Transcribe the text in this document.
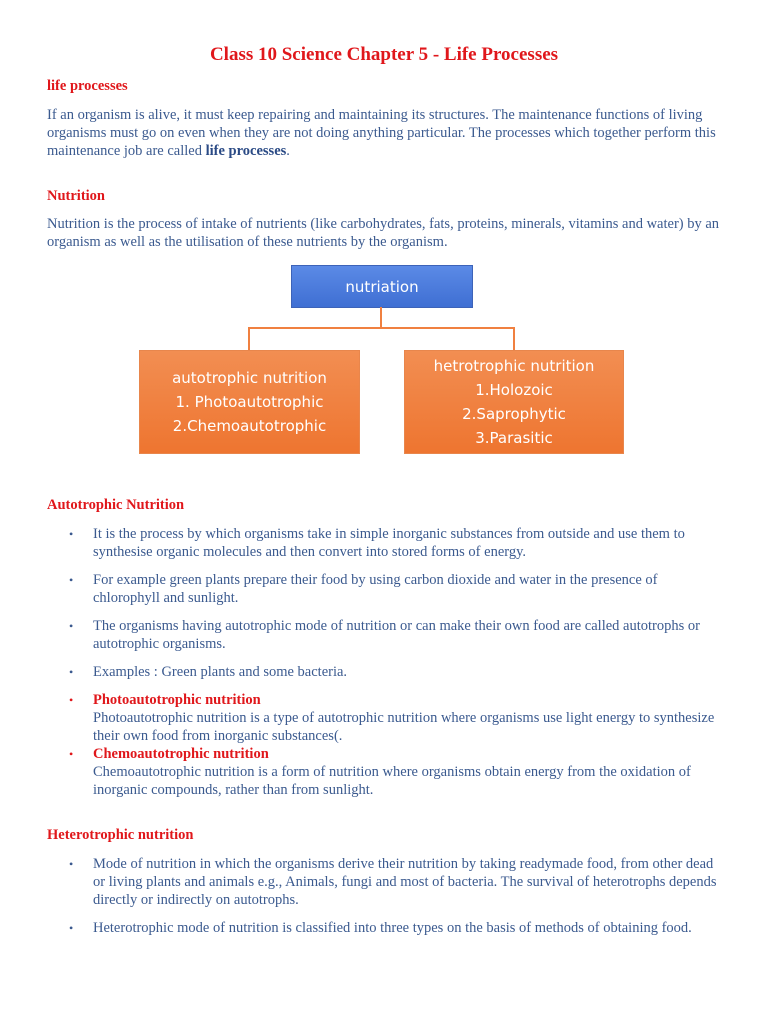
Class 10 Science Chapter 5 - Life Processes
life processes
If an organism is alive, it must keep repairing and maintaining its structures. The maintenance functions of living organisms must go on even when they are not doing anything particular. The processes which together perform this maintenance job are called life processes.
Nutrition
Nutrition is the process of intake of nutrients (like carbohydrates, fats, proteins, minerals, vitamins and water) by an organism as well as the utilisation of these nutrients by the organism.
nutriation
autotrophic nutrition
1. Photoautotrophic
2.Chemoautotrophic
hetrotrophic nutrition
1.Holozoic
2.Saprophytic
3.Parasitic
Autotrophic Nutrition
• It is the process by which organisms take in simple inorganic substances from outside and use them to synthesise organic molecules and then convert into stored forms of energy.
• For example green plants prepare their food by using carbon dioxide and water in the presence of chlorophyll and sunlight.
• The organisms having autotrophic mode of nutrition or can make their own food are called autotrophs or autotrophic organisms.
• Examples : Green plants and some bacteria.
• Photoautotrophic nutrition
Photoautotrophic nutrition is a type of autotrophic nutrition where organisms use light energy to synthesize their own food from inorganic substances(.
• Chemoautotrophic nutrition
Chemoautotrophic nutrition is a form of nutrition where organisms obtain energy from the oxidation of inorganic compounds, rather than from sunlight.
Heterotrophic nutrition
• Mode of nutrition in which the organisms derive their nutrition by taking readymade food, from other dead or living plants and animals e.g., Animals, fungi and most of bacteria. The survival of heterotrophs depends directly or indirectly on autotrophs.
• Heterotrophic mode of nutrition is classified into three types on the basis of methods of obtaining food.
